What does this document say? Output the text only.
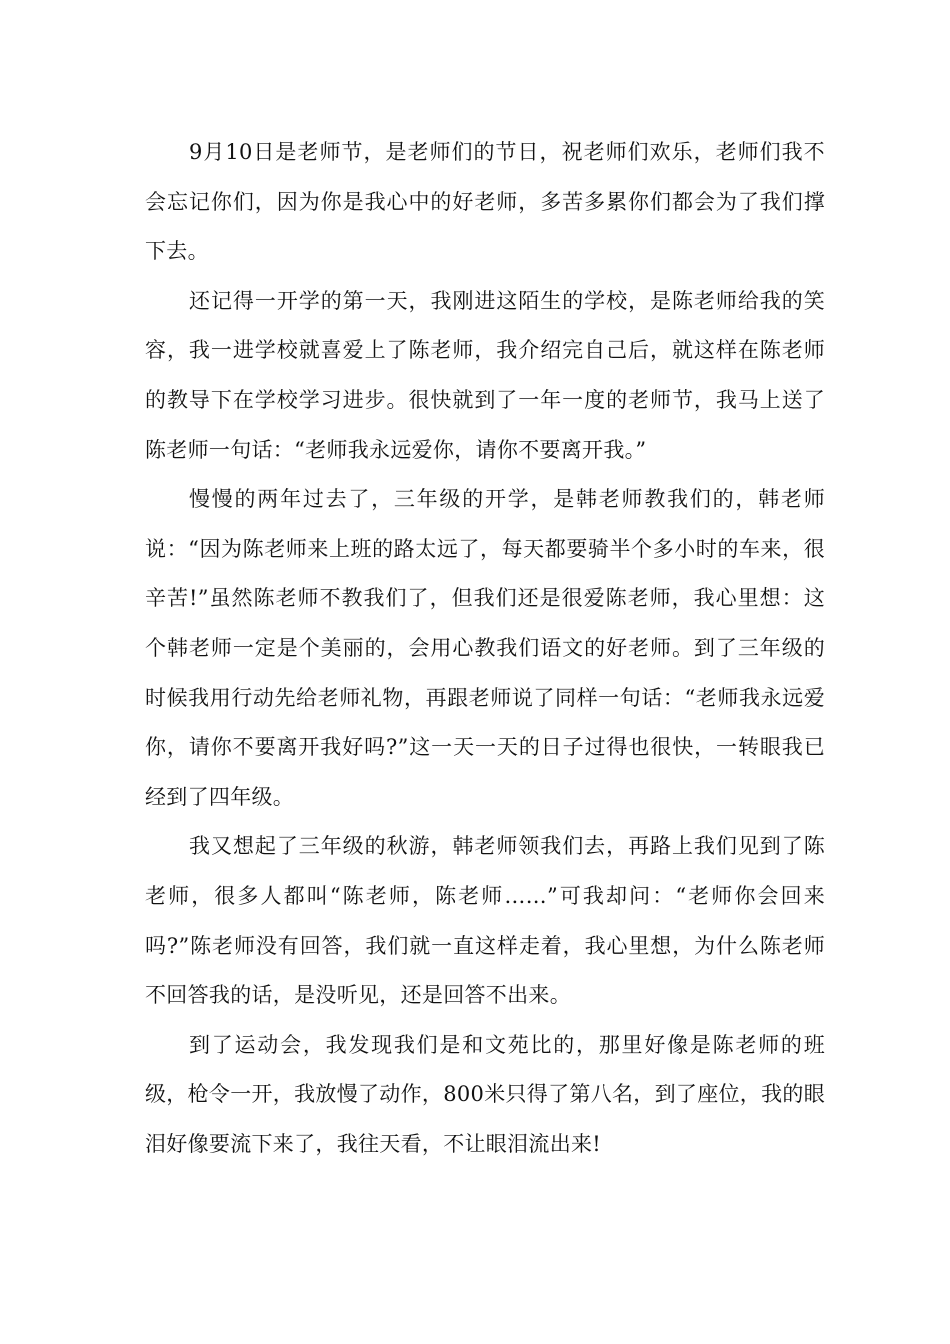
9月10日是老师节，是老师们的节日，祝老师们欢乐，老师们我不会忘记你们，因为你是我心中的好老师，多苦多累你们都会为了我们撑下去。

还记得一开学的第一天，我刚进这陌生的学校，是陈老师给我的笑容，我一进学校就喜爱上了陈老师，我介绍完自己后，就这样在陈老师的教导下在学校学习进步。很快就到了一年一度的老师节，我马上送了陈老师一句话：“老师我永远爱你，请你不要离开我。”

慢慢的两年过去了，三年级的开学，是韩老师教我们的，韩老师说：“因为陈老师来上班的路太远了，每天都要骑半个多小时的车来，很辛苦!”虽然陈老师不教我们了，但我们还是很爱陈老师，我心里想：这个韩老师一定是个美丽的，会用心教我们语文的好老师。到了三年级的时候我用行动先给老师礼物，再跟老师说了同样一句话：“老师我永远爱你，请你不要离开我好吗?”这一天一天的日子过得也很快，一转眼我已经到了四年级。

我又想起了三年级的秋游，韩老师领我们去，再路上我们见到了陈老师，很多人都叫“陈老师，陈老师……”可我却问：“老师你会回来吗?”陈老师没有回答，我们就一直这样走着，我心里想，为什么陈老师不回答我的话，是没听见，还是回答不出来。

到了运动会，我发现我们是和文苑比的，那里好像是陈老师的班级，枪令一开，我放慢了动作，800米只得了第八名，到了座位，我的眼泪好像要流下来了，我往天看，不让眼泪流出来!
